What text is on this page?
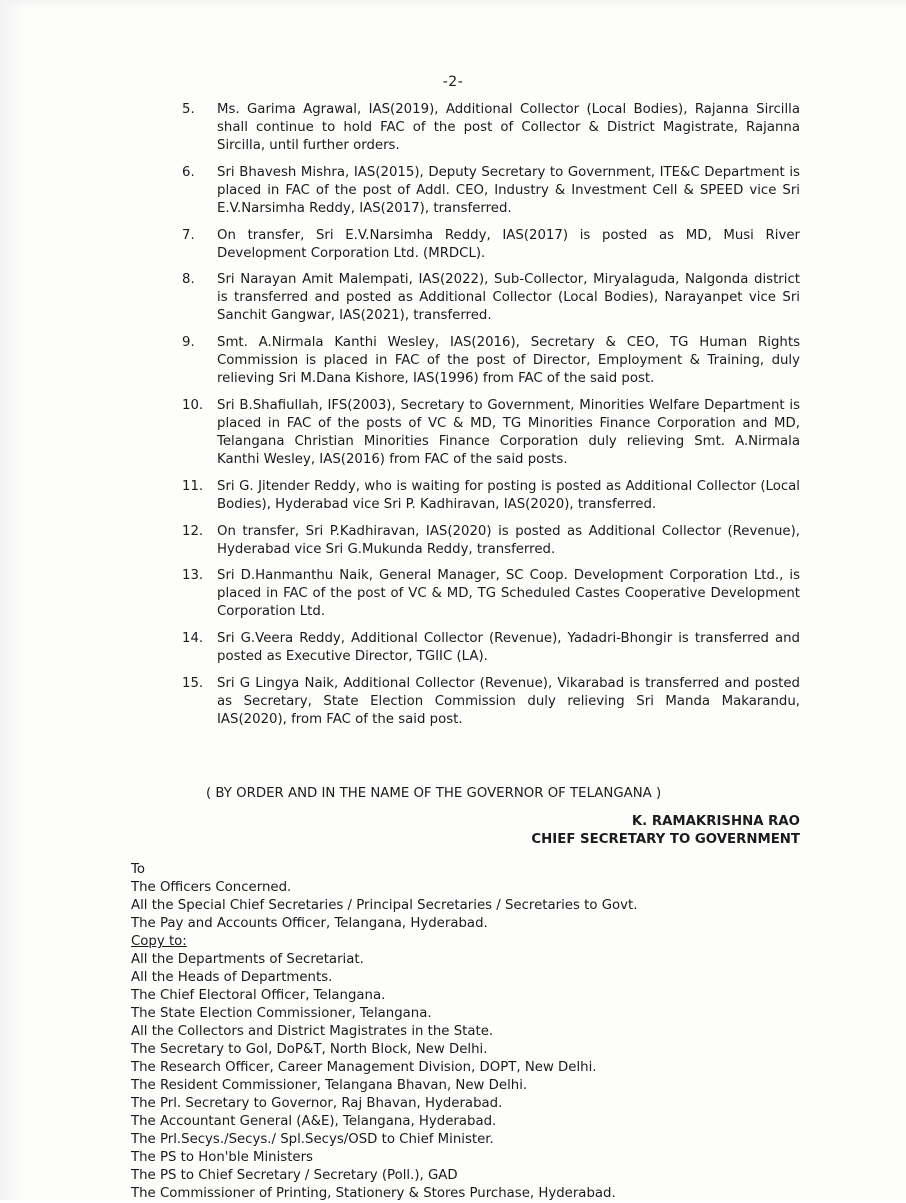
-2-
5.	Ms. Garima Agrawal, IAS(2019), Additional Collector (Local Bodies), Rajanna Sircilla shall continue to hold FAC of the post of Collector & District Magistrate, Rajanna Sircilla, until further orders.
6.	Sri Bhavesh Mishra, IAS(2015), Deputy Secretary to Government, ITE&C Department is placed in FAC of the post of Addl. CEO, Industry & Investment Cell & SPEED vice Sri E.V.Narsimha Reddy, IAS(2017), transferred.
7.	On transfer, Sri E.V.Narsimha Reddy, IAS(2017) is posted as MD, Musi River Development Corporation Ltd. (MRDCL).
8.	Sri Narayan Amit Malempati, IAS(2022), Sub-Collector, Miryalaguda, Nalgonda district is transferred and posted as Additional Collector (Local Bodies), Narayanpet vice Sri Sanchit Gangwar, IAS(2021), transferred.
9.	Smt. A.Nirmala Kanthi Wesley, IAS(2016), Secretary & CEO, TG Human Rights Commission is placed in FAC of the post of Director, Employment & Training, duly relieving Sri M.Dana Kishore, IAS(1996) from FAC of the said post.
10.	Sri B.Shafiullah, IFS(2003), Secretary to Government, Minorities Welfare Department is placed in FAC of the posts of VC & MD, TG Minorities Finance Corporation and MD, Telangana Christian Minorities Finance Corporation duly relieving Smt. A.Nirmala Kanthi Wesley, IAS(2016) from FAC of the said posts.
11.	Sri G. Jitender Reddy, who is waiting for posting is posted as Additional Collector (Local Bodies), Hyderabad vice Sri P. Kadhiravan, IAS(2020), transferred.
12.	On transfer, Sri P.Kadhiravan, IAS(2020) is posted as Additional Collector (Revenue), Hyderabad vice Sri G.Mukunda Reddy, transferred.
13.	Sri D.Hanmanthu Naik, General Manager, SC Coop. Development Corporation Ltd., is placed in FAC of the post of VC & MD, TG Scheduled Castes Cooperative Development Corporation Ltd.
14.	Sri G.Veera Reddy, Additional Collector (Revenue), Yadadri-Bhongir is transferred and posted as Executive Director, TGIIC (LA).
15.	Sri G Lingya Naik, Additional Collector (Revenue), Vikarabad is transferred and posted as Secretary, State Election Commission duly relieving Sri Manda Makarandu, IAS(2020), from FAC of the said post.
( BY ORDER AND IN THE NAME OF THE GOVERNOR OF TELANGANA )
K. RAMAKRISHNA RAO
CHIEF SECRETARY TO GOVERNMENT
To
The Officers Concerned.
All the Special Chief Secretaries / Principal Secretaries / Secretaries to Govt.
The Pay and Accounts Officer, Telangana, Hyderabad.
Copy to:
All the Departments of Secretariat.
All the Heads of Departments.
The Chief Electoral Officer, Telangana.
The State Election Commissioner, Telangana.
All the Collectors and District Magistrates in the State.
The Secretary to GoI, DoP&T, North Block, New Delhi.
The Research Officer, Career Management Division, DOPT, New Delhi.
The Resident Commissioner, Telangana Bhavan, New Delhi.
The Prl. Secretary to Governor, Raj Bhavan, Hyderabad.
The Accountant General (A&E), Telangana, Hyderabad.
The Prl.Secys./Secys./ Spl.Secys/OSD to Chief Minister.
The PS to Hon'ble Ministers
The PS to Chief Secretary / Secretary (Poll.), GAD
The Commissioner of Printing, Stationery & Stores Purchase, Hyderabad.
